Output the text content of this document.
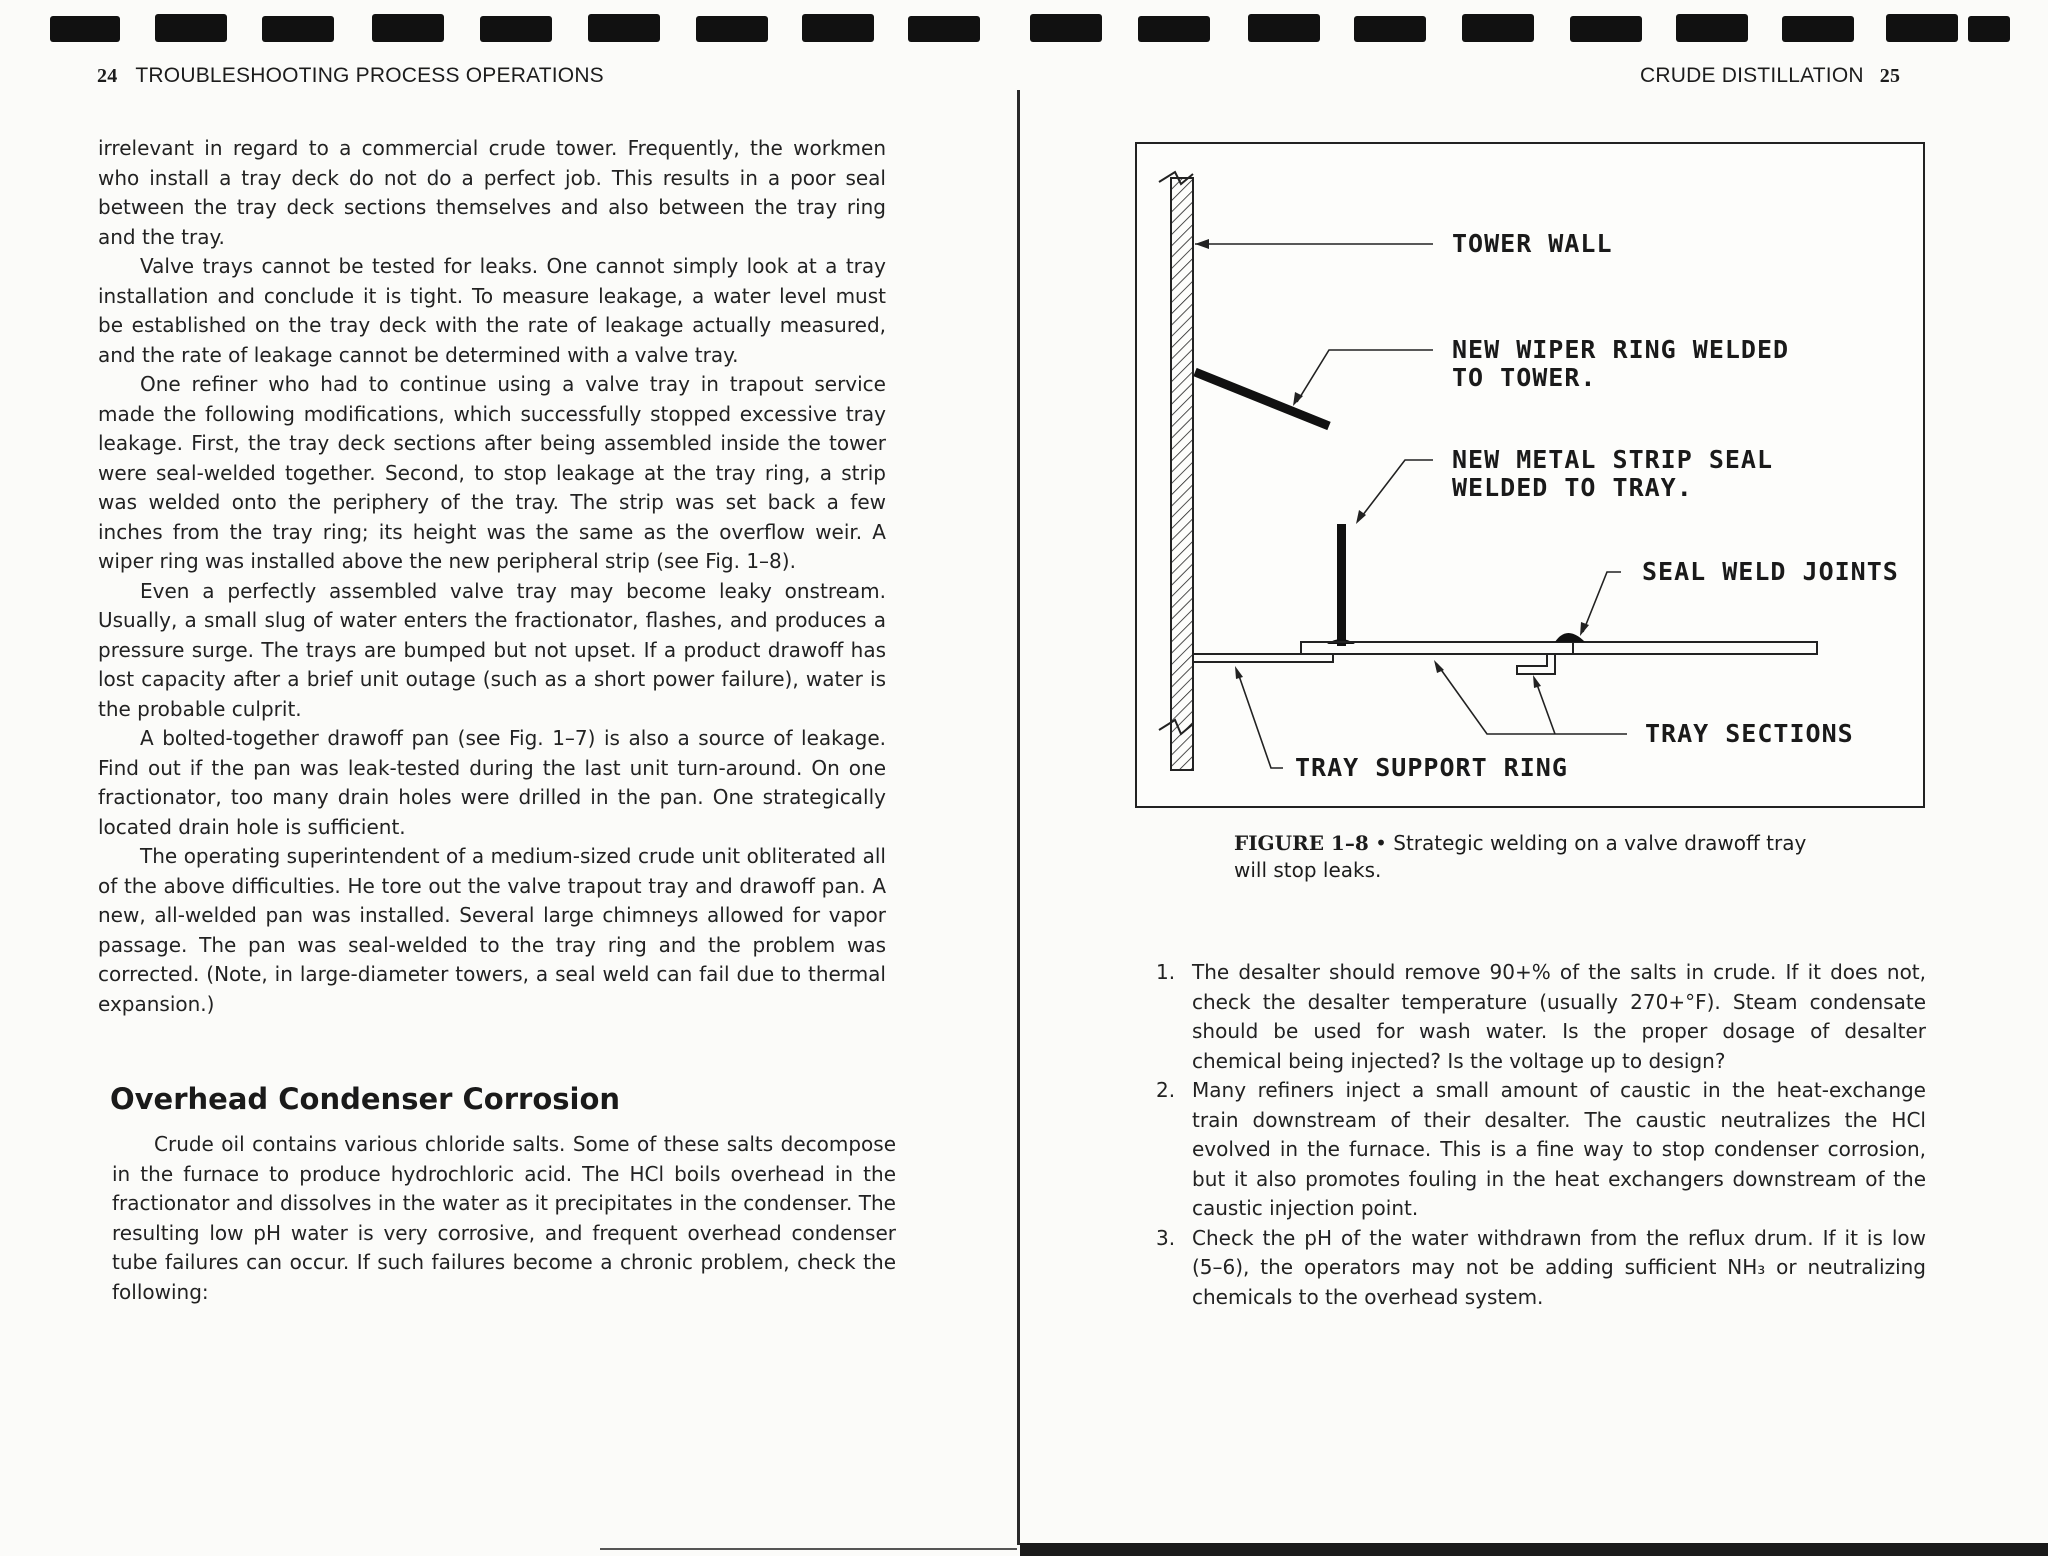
24 TROUBLESHOOTING PROCESS OPERATIONS

irrelevant in regard to a commercial crude tower. Frequently, the workmen who install a tray deck do not do a perfect job. This results in a poor seal between the tray deck sections themselves and also between the tray ring and the tray.

Valve trays cannot be tested for leaks. One cannot simply look at a tray installation and conclude it is tight. To measure leakage, a water level must be established on the tray deck with the rate of leakage actually measured, and the rate of leakage cannot be determined with a valve tray.

One refiner who had to continue using a valve tray in trapout service made the following modifications, which successfully stopped excessive tray leakage. First, the tray deck sections after being assembled inside the tower were seal-welded together. Second, to stop leakage at the tray ring, a strip was welded onto the periphery of the tray. The strip was set back a few inches from the tray ring; its height was the same as the overflow weir. A wiper ring was installed above the new peripheral strip (see Fig. 1–8).

Even a perfectly assembled valve tray may become leaky onstream. Usually, a small slug of water enters the fractionator, flashes, and produces a pressure surge. The trays are bumped but not upset. If a product drawoff has lost capacity after a brief unit outage (such as a short power failure), water is the probable culprit.

A bolted-together drawoff pan (see Fig. 1–7) is also a source of leakage. Find out if the pan was leak-tested during the last unit turn-around. On one fractionator, too many drain holes were drilled in the pan. One strategically located drain hole is sufficient.

The operating superintendent of a medium-sized crude unit obliterated all of the above difficulties. He tore out the valve trapout tray and drawoff pan. A new, all-welded pan was installed. Several large chimneys allowed for vapor passage. The pan was seal-welded to the tray ring and the problem was corrected. (Note, in large-diameter towers, a seal weld can fail due to thermal expansion.)

Overhead Condenser Corrosion

Crude oil contains various chloride salts. Some of these salts decompose in the furnace to produce hydrochloric acid. The HCl boils overhead in the fractionator and dissolves in the water as it precipitates in the condenser. The resulting low pH water is very corrosive, and frequent overhead condenser tube failures can occur. If such failures become a chronic problem, check the following:

CRUDE DISTILLATION 25
TOWER WALL
NEW WIPER RING WELDED
TO TOWER.
NEW METAL STRIP SEAL
WELDED TO TRAY.
SEAL WELD JOINTS
TRAY SECTIONS
TRAY SUPPORT RING
FIGURE 1–8 • Strategic welding on a valve drawoff tray will stop leaks.
1. The desalter should remove 90+% of the salts in crude. If it does not, check the desalter temperature (usually 270+°F). Steam condensate should be used for wash water. Is the proper dosage of desalter chemical being injected? Is the voltage up to design?
2. Many refiners inject a small amount of caustic in the heat-exchange train downstream of their desalter. The caustic neutralizes the HCl evolved in the furnace. This is a fine way to stop condenser corrosion, but it also promotes fouling in the heat exchangers downstream of the caustic injection point.
3. Check the pH of the water withdrawn from the reflux drum. If it is low (5–6), the operators may not be adding sufficient NH₃ or neutralizing chemicals to the overhead system.
